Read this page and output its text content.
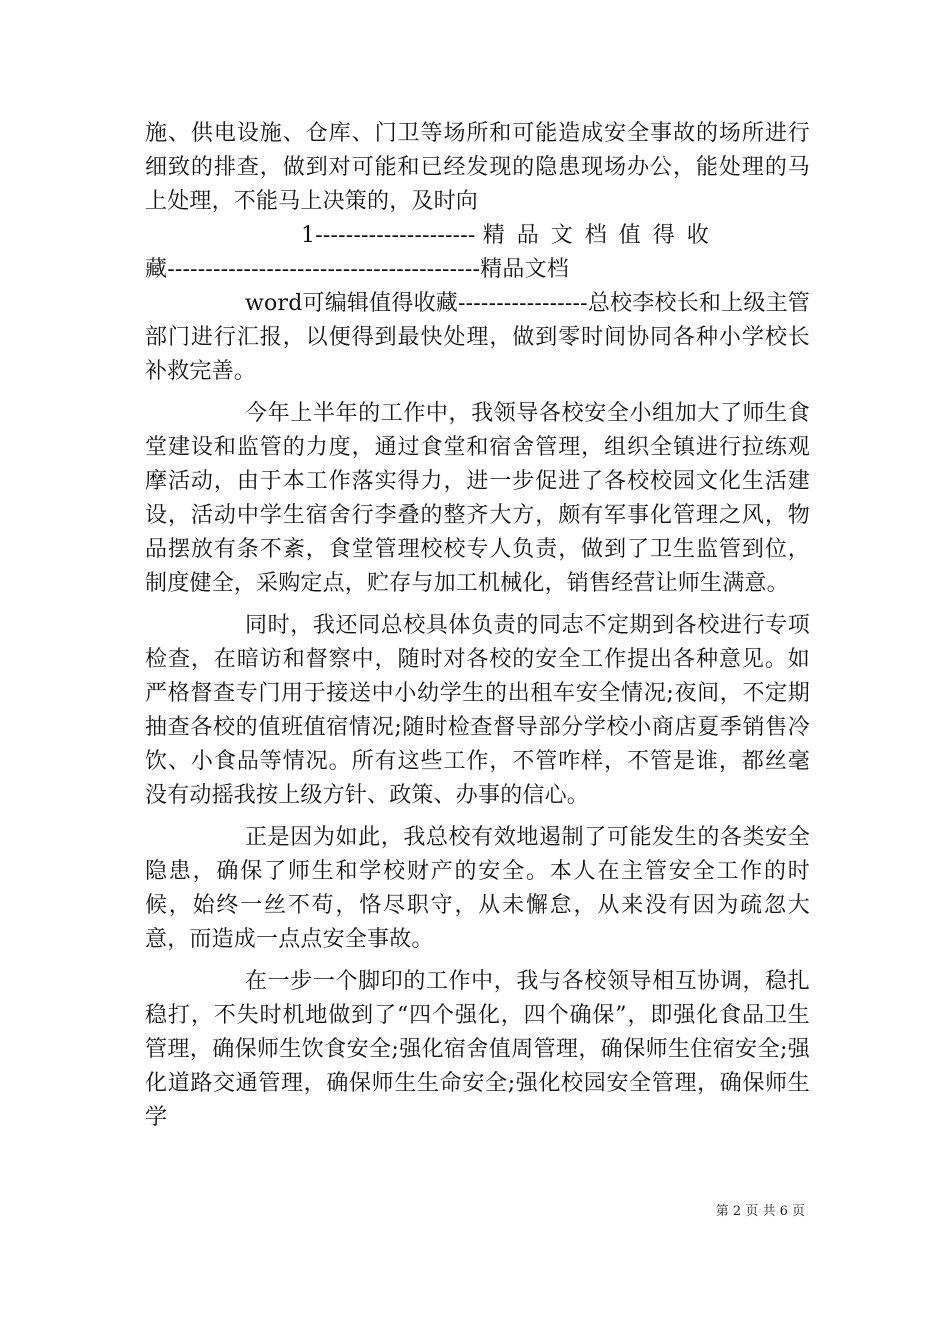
施、供电设施、仓库、门卫等场所和可能造成安全事故的场所进行细致的排查，做到对可能和已经发现的隐患现场办公，能处理的马上处理，不能马上决策的，及时向

1--------------------- 精品文档值得收
藏-----------------------------------------精品文档

word可编辑值得收藏-----------------总校李校长和上级主管部门进行汇报，以便得到最快处理，做到零时间协同各种小学校长补救完善。

今年上半年的工作中，我领导各校安全小组加大了师生食堂建设和监管的力度，通过食堂和宿舍管理，组织全镇进行拉练观摩活动，由于本工作落实得力，进一步促进了各校校园文化生活建设，活动中学生宿舍行李叠的整齐大方，颇有军事化管理之风，物品摆放有条不紊，食堂管理校校专人负责，做到了卫生监管到位，制度健全，采购定点，贮存与加工机械化，销售经营让师生满意。

同时，我还同总校具体负责的同志不定期到各校进行专项检查，在暗访和督察中，随时对各校的安全工作提出各种意见。如严格督查专门用于接送中小幼学生的出租车安全情况;夜间，不定期抽查各校的值班值宿情况;随时检查督导部分学校小商店夏季销售冷饮、小食品等情况。所有这些工作，不管咋样，不管是谁，都丝毫没有动摇我按上级方针、政策、办事的信心。

正是因为如此，我总校有效地遏制了可能发生的各类安全隐患，确保了师生和学校财产的安全。本人在主管安全工作的时候，始终一丝不苟，恪尽职守，从未懈怠，从来没有因为疏忽大意，而造成一点点安全事故。

在一步一个脚印的工作中，我与各校领导相互协调，稳扎稳打，不失时机地做到了“四个强化，四个确保”，即强化食品卫生管理，确保师生饮食安全;强化宿舍值周管理，确保师生住宿安全;强化道路交通管理，确保师生生命安全;强化校园安全管理，确保师生学

第 2 页 共 6 页
